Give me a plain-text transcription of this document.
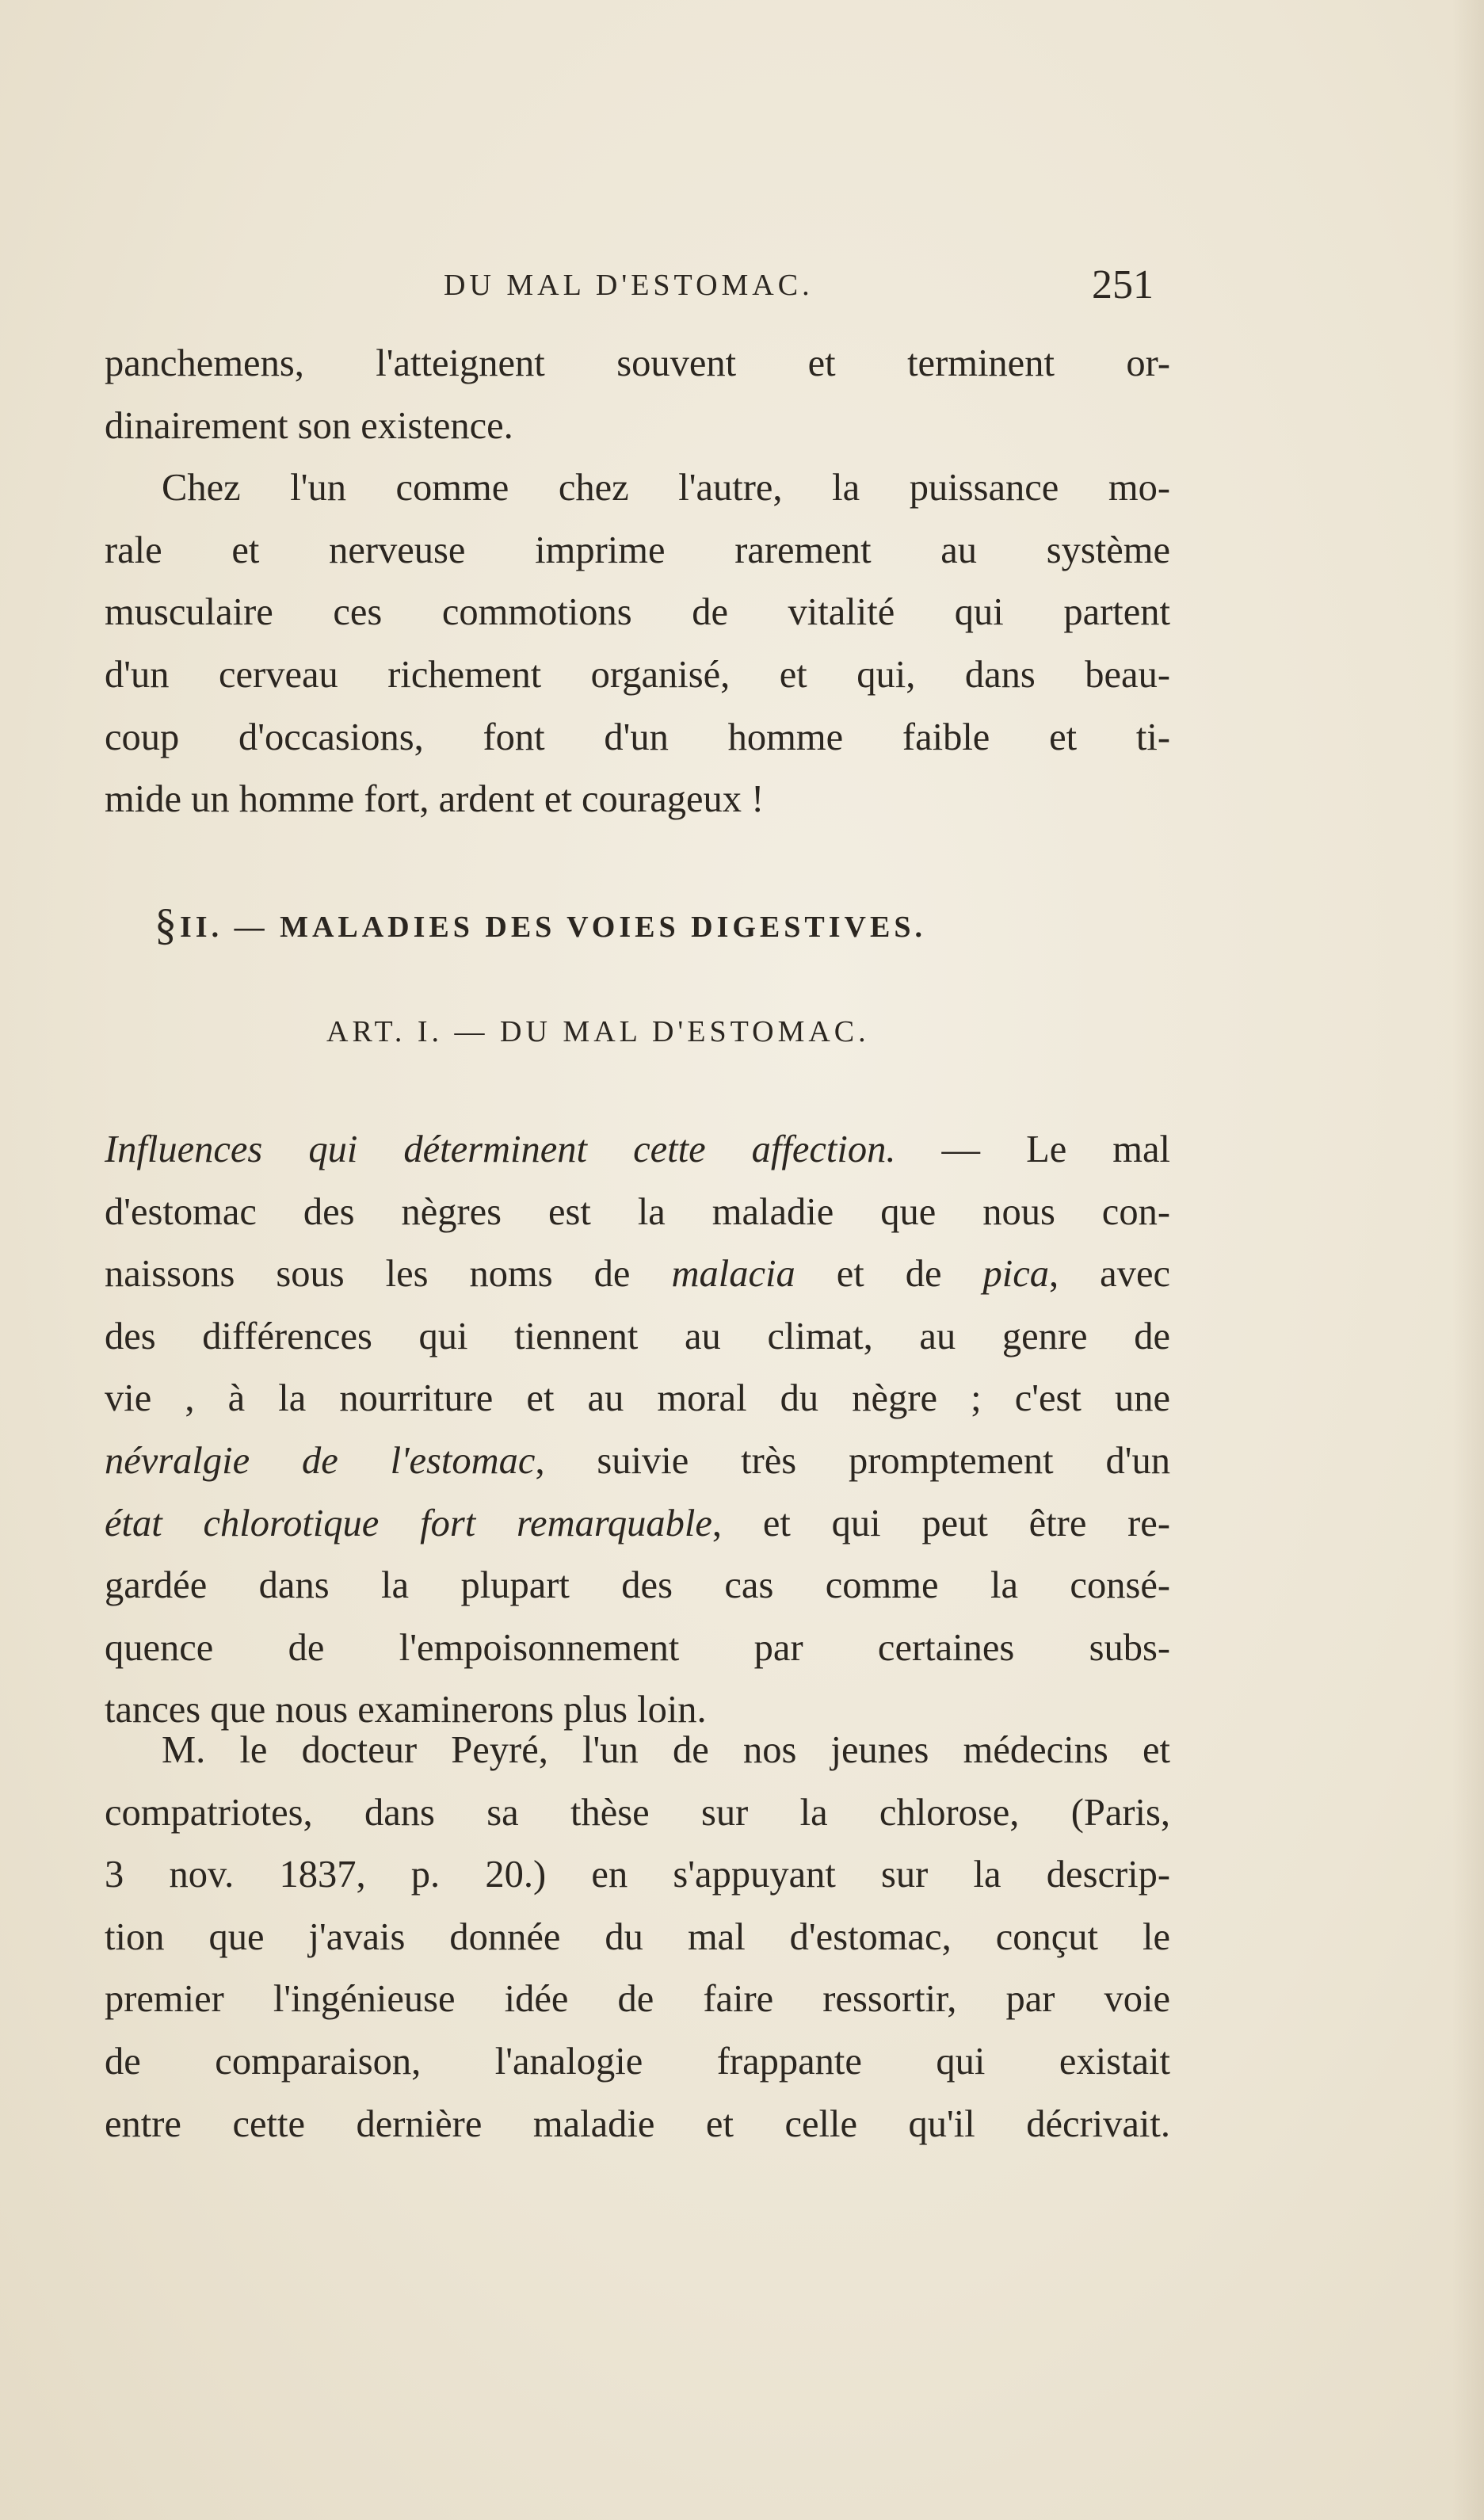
DU MAL D'ESTOMAC.	251
panchemens, l'atteignent souvent et terminent or-
dinairement son existence.
Chez l'un comme chez l'autre, la puissance mo-
rale et nerveuse imprime rarement au système
musculaire ces commotions de vitalité qui partent
d'un cerveau richement organisé, et qui, dans beau-
coup d'occasions, font d'un homme faible et ti-
mide un homme fort, ardent et courageux !
§ II. — MALADIES DES VOIES DIGESTIVES.
ART. I. — DU MAL D'ESTOMAC.
Influences qui déterminent cette affection. — Le mal
d'estomac des nègres est la maladie que nous con-
naissons sous les noms de malacia et de pica, avec
des différences qui tiennent au climat, au genre de
vie , à la nourriture et au moral du nègre ; c'est une
névralgie de l'estomac, suivie très promptement d'un
état chlorotique fort remarquable, et qui peut être re-
gardée dans la plupart des cas comme la consé-
quence de l'empoisonnement par certaines subs-
tances que nous examinerons plus loin.
M. le docteur Peyré, l'un de nos jeunes médecins et
compatriotes, dans sa thèse sur la chlorose, (Paris,
3 nov. 1837, p. 20.) en s'appuyant sur la descrip-
tion que j'avais donnée du mal d'estomac, conçut le
premier l'ingénieuse idée de faire ressortir, par voie
de comparaison, l'analogie frappante qui existait
entre cette dernière maladie et celle qu'il décrivait.
